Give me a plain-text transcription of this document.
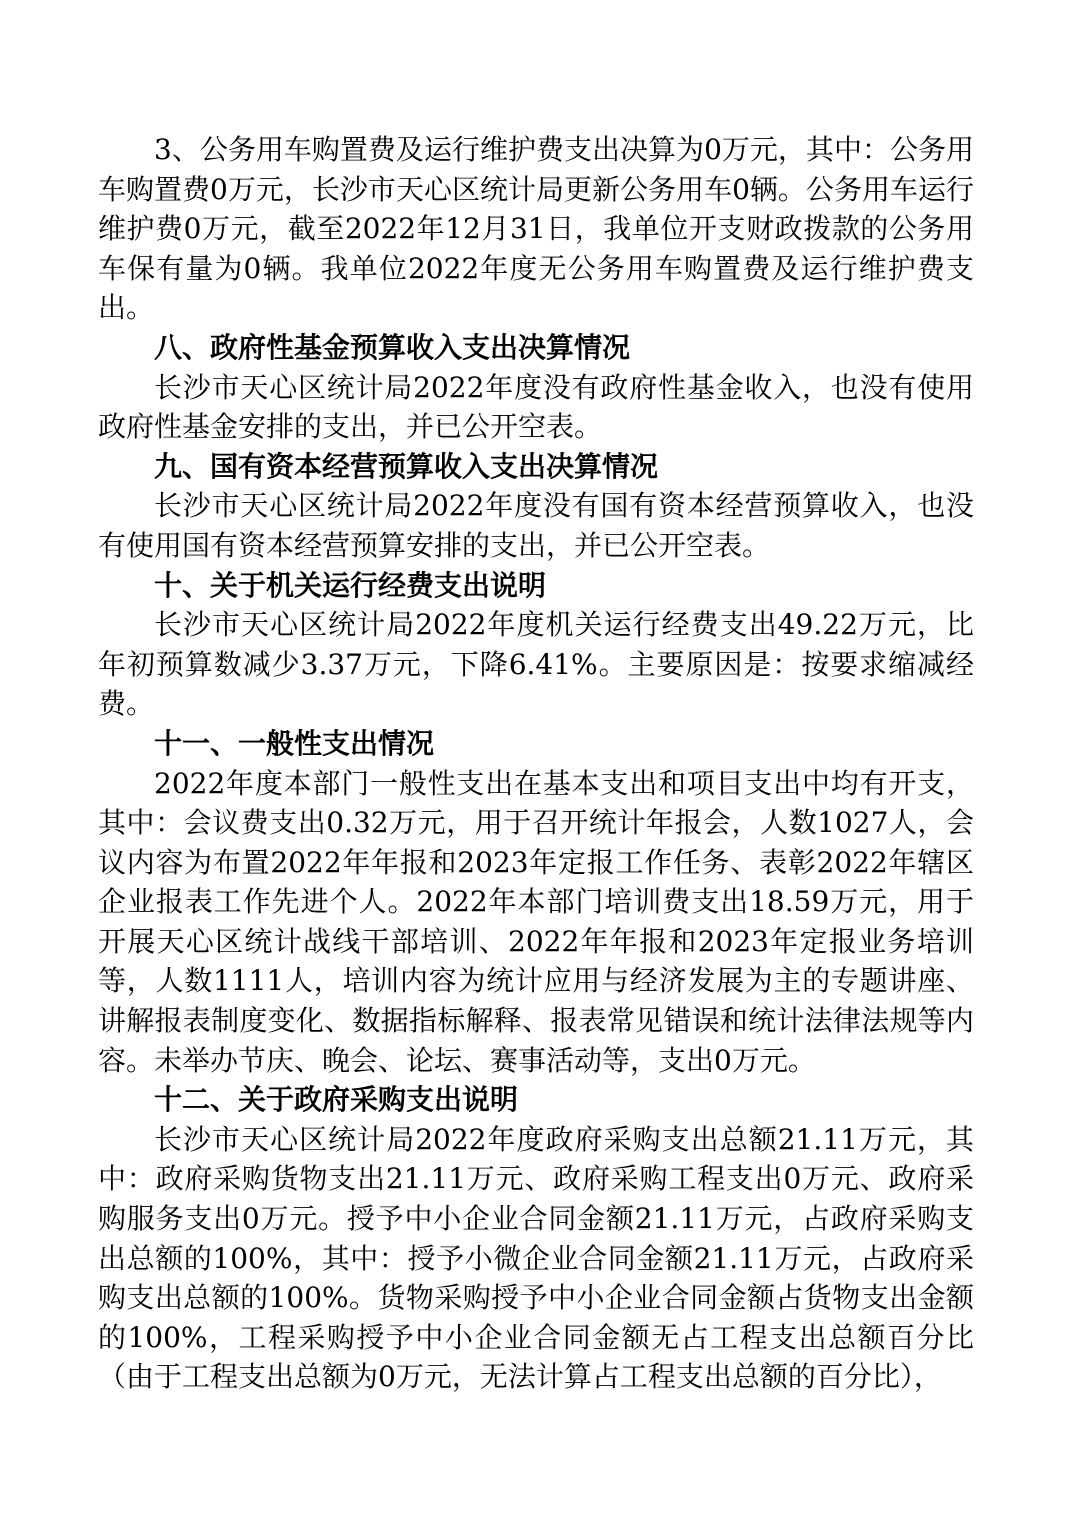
3、公务用车购置费及运行维护费支出决算为0万元，其中：公务用车购置费0万元，长沙市天心区统计局更新公务用车0辆。公务用车运行维护费0万元，截至2022年12月31日，我单位开支财政拨款的公务用车保有量为0辆。我单位2022年度无公务用车购置费及运行维护费支出。

八、政府性基金预算收入支出决算情况

长沙市天心区统计局2022年度没有政府性基金收入，也没有使用政府性基金安排的支出，并已公开空表。

九、国有资本经营预算收入支出决算情况

长沙市天心区统计局2022年度没有国有资本经营预算收入，也没有使用国有资本经营预算安排的支出，并已公开空表。

十、关于机关运行经费支出说明

长沙市天心区统计局2022年度机关运行经费支出49.22万元，比年初预算数减少3.37万元，下降6.41%。主要原因是：按要求缩减经费。

十一、一般性支出情况

2022年度本部门一般性支出在基本支出和项目支出中均有开支，其中：会议费支出0.32万元，用于召开统计年报会，人数1027人，会议内容为布置2022年年报和2023年定报工作任务、表彰2022年辖区企业报表工作先进个人。2022年本部门培训费支出18.59万元，用于开展天心区统计战线干部培训、2022年年报和2023年定报业务培训等，人数1111人，培训内容为统计应用与经济发展为主的专题讲座、讲解报表制度变化、数据指标解释、报表常见错误和统计法律法规等内容。未举办节庆、晚会、论坛、赛事活动等，支出0万元。

十二、关于政府采购支出说明

长沙市天心区统计局2022年度政府采购支出总额21.11万元，其中：政府采购货物支出21.11万元、政府采购工程支出0万元、政府采购服务支出0万元。授予中小企业合同金额21.11万元，占政府采购支出总额的100%，其中：授予小微企业合同金额21.11万元，占政府采购支出总额的100%。货物采购授予中小企业合同金额占货物支出金额的100%，工程采购授予中小企业合同金额无占工程支出总额百分比（由于工程支出总额为0万元，无法计算占工程支出总额的百分比），
